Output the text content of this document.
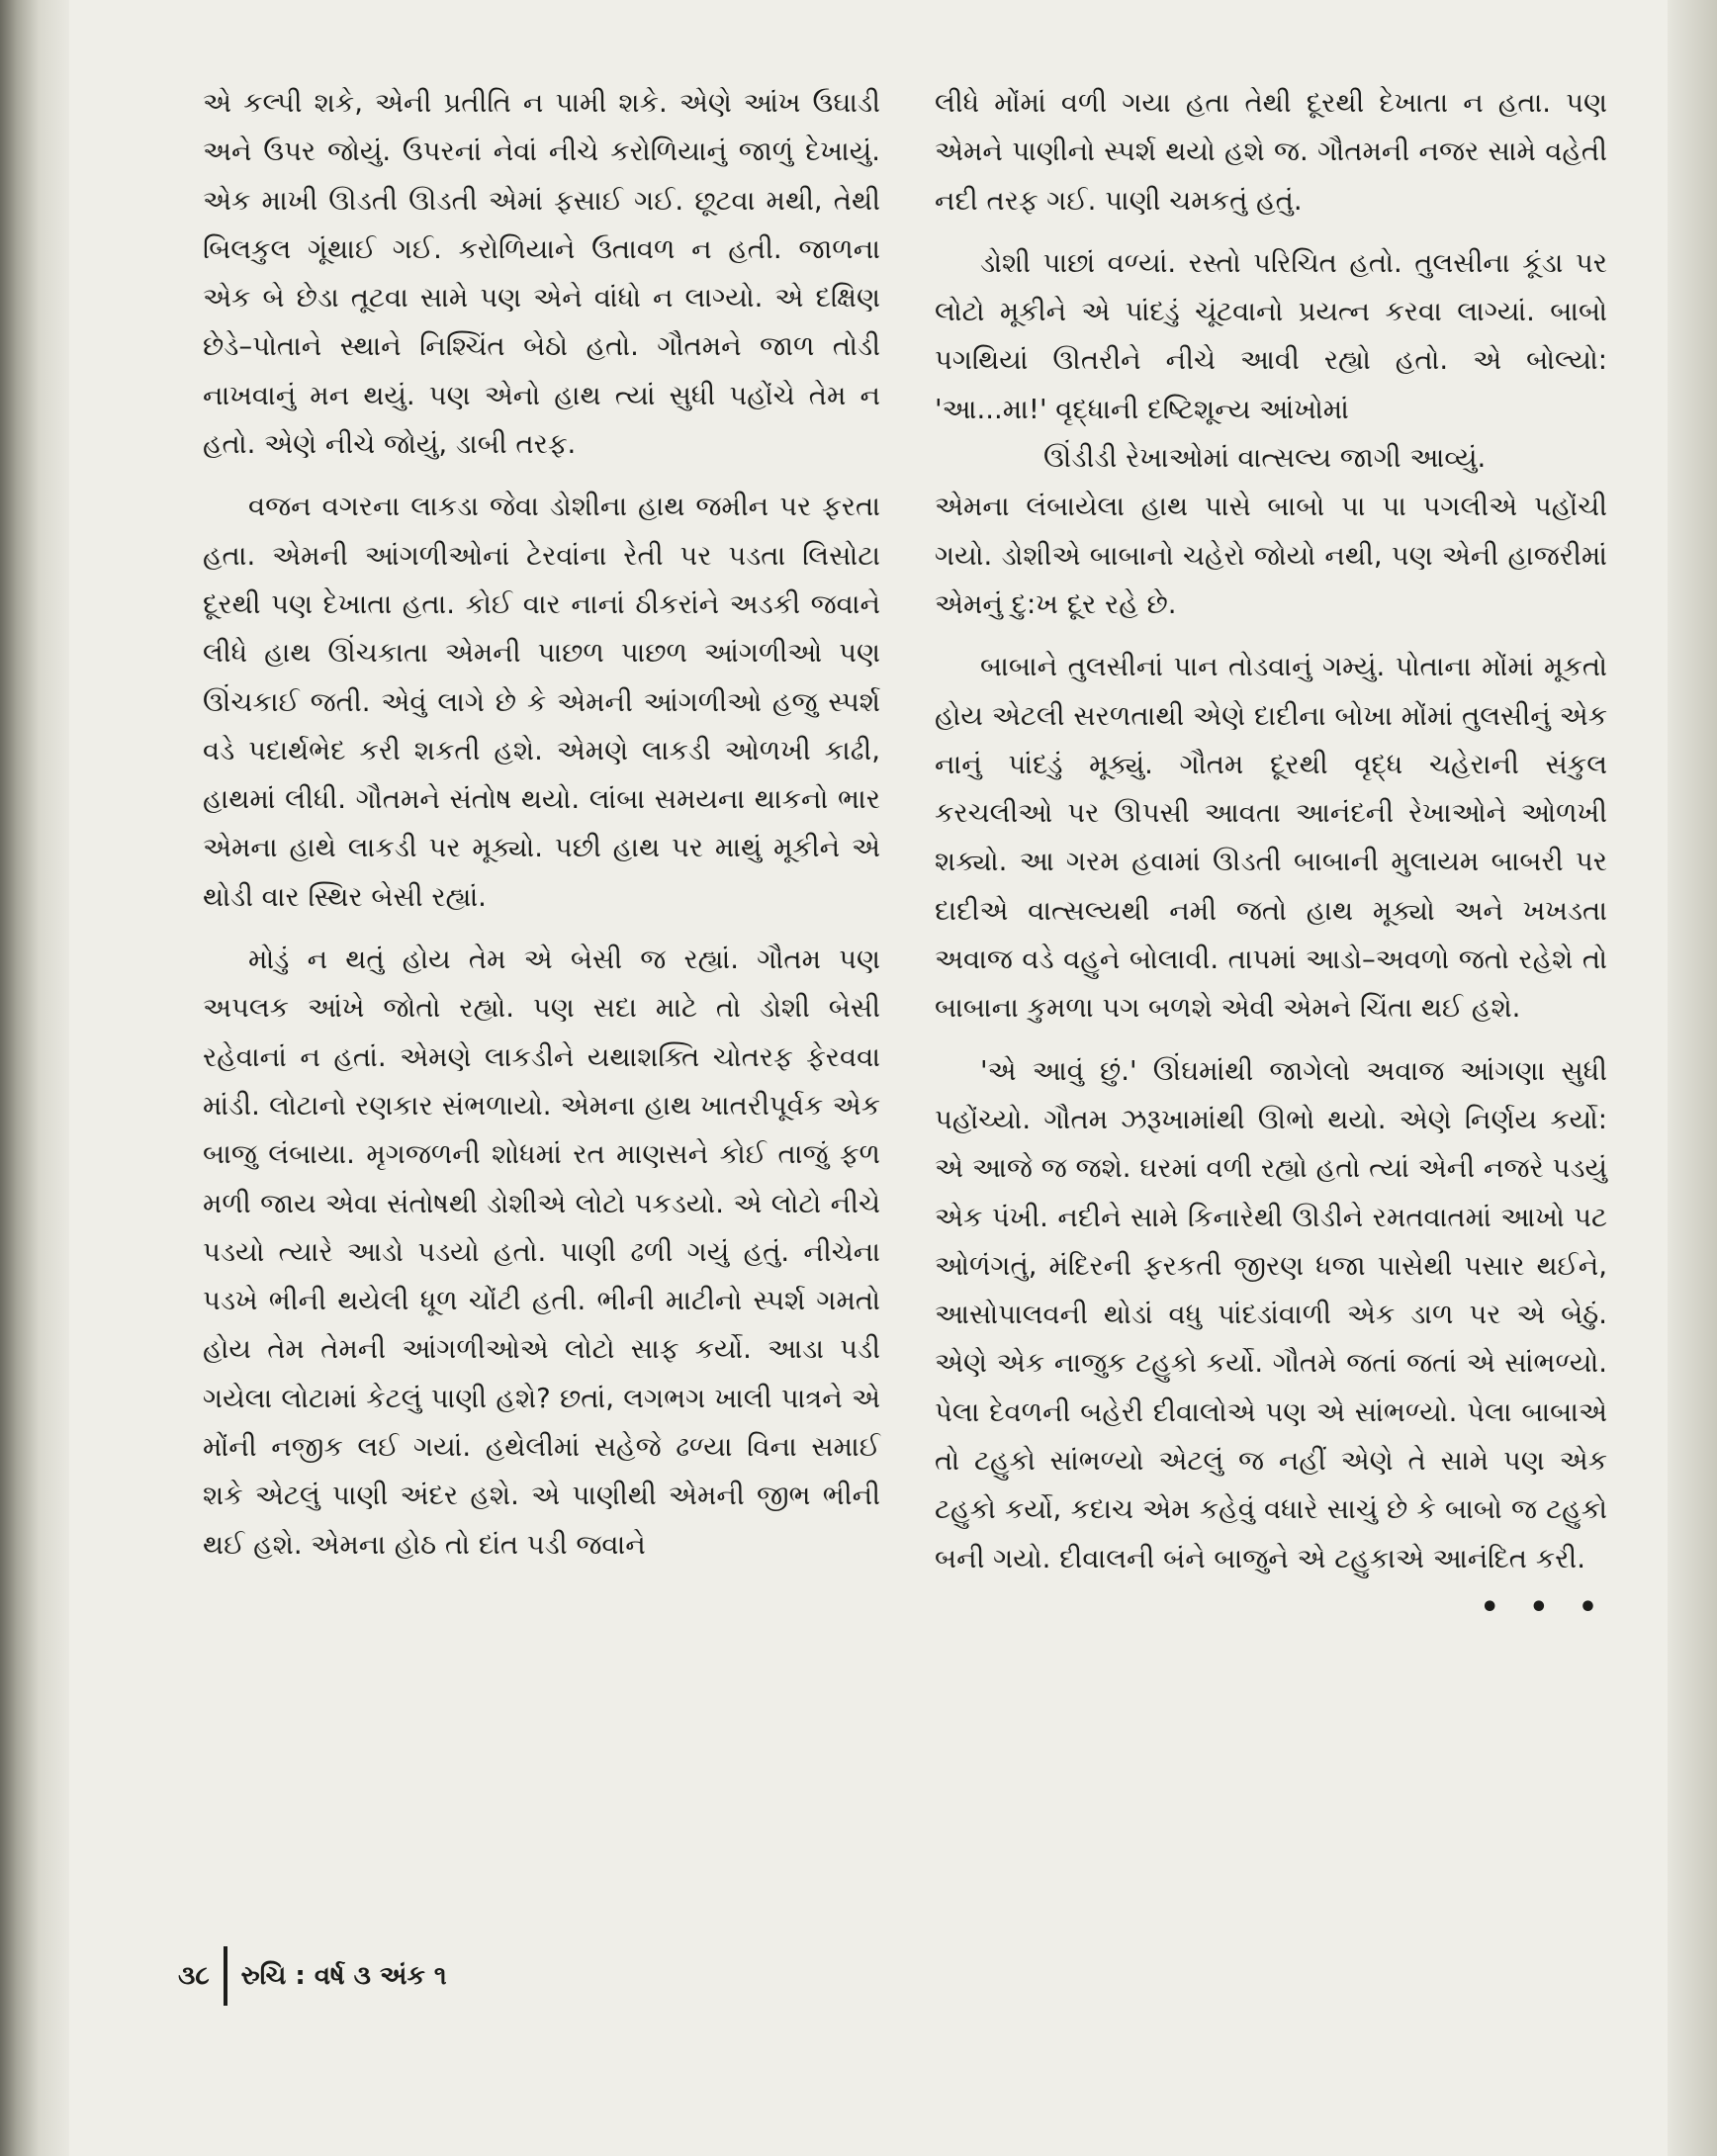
એ કલ્પી શકે, એની પ્રતીતિ ન પામી શકે. એણે આંખ ઉઘાડી અને ઉપર જોયું. ઉપરનાં નેવાં નીચે કરોળિયાનું જાળું દેખાયું. એક માખી ઊડતી ઊડતી એમાં ફસાઈ ગઈ. છૂટવા મથી, તેથી બિલકુલ ગૂંથાઈ ગઈ. કરોળિયાને ઉતાવળ ન હતી. જાળના એક બે છેડા તૂટવા સામે પણ એને વાંધો ન લાગ્યો. એ દક્ષિણ છેડે–પોતાને સ્થાને નિશ્ચિંત બેઠો હતો. ગૌતમને જાળ તોડી નાખવાનું મન થયું. પણ એનો હાથ ત્યાં સુધી પહોંચે તેમ ન હતો. એણે નીચે જોયું, ડાબી તરફ.

વજન વગરના લાકડા જેવા ડોશીના હાથ જમીન પર ફરતા હતા. એમની આંગળીઓનાં ટેરવાંના રેતી પર પડતા લિસોટા દૂરથી પણ દેખાતા હતા. કોઈ વાર નાનાં ઠીકરાંને અડકી જવાને લીધે હાથ ઊંચકાતા એમની પાછળ પાછળ આંગળીઓ પણ ઊંચકાઈ જતી. એવું લાગે છે કે એમની આંગળીઓ હજુ સ્પર્શ વડે પદાર્થભેદ કરી શકતી હશે. એમણે લાકડી ઓળખી કાઢી, હાથમાં લીધી. ગૌતમને સંતોષ થયો. લાંબા સમયના થાકનો ભાર એમના હાથે લાકડી પર મૂક્યો. પછી હાથ પર માથું મૂકીને એ થોડી વાર સ્થિર બેસી રહ્યાં.

મોડું ન થતું હોય તેમ એ બેસી જ રહ્યાં. ગૌતમ પણ અપલક આંખે જોતો રહ્યો. પણ સદા માટે તો ડોશી બેસી રહેવાનાં ન હતાં. એમણે લાકડીને યથાશક્તિ ચોતરફ ફેરવવા માંડી. લોટાનો રણકાર સંભળાયો. એમના હાથ ખાતરીપૂર્વક એક બાજુ લંબાયા. મૃગજળની શોધમાં રત માણસને કોઈ તાજું ફળ મળી જાય એવા સંતોષથી ડોશીએ લોટો પકડયો. એ લોટો નીચે પડયો ત્યારે આડો પડયો હતો. પાણી ઢળી ગયું હતું. નીચેના પડખે ભીની થયેલી ધૂળ ચોંટી હતી. ભીની માટીનો સ્પર્શ ગમતો હોય તેમ તેમની આંગળીઓએ લોટો સાફ કર્યો. આડા પડી ગયેલા લોટામાં કેટલું પાણી હશે? છતાં, લગભગ ખાલી પાત્રને એ મોંની નજીક લઈ ગયાં. હથેલીમાં સહેજે ઢળ્યા વિના સમાઈ શકે એટલું પાણી અંદર હશે. એ પાણીથી એમની જીભ ભીની થઈ હશે. એમના હોઠ તો દાંત પડી જવાને

લીધે મોંમાં વળી ગયા હતા તેથી દૂરથી દેખાતા ન હતા. પણ એમને પાણીનો સ્પર્શ થયો હશે જ. ગૌતમની નજર સામે વહેતી નદી તરફ ગઈ. પાણી ચમકતું હતું.

ડોશી પાછાં વળ્યાં. રસ્તો પરિચિત હતો. તુલસીના કૂંડા પર લોટો મૂકીને એ પાંદડું ચૂંટવાનો પ્રયત્ન કરવા લાગ્યાં. બાબો પગથિયાં ઊતરીને નીચે આવી રહ્યો હતો. એ બોલ્યો: 'આ...મા!' વૃદ્ધાની દષ્ટિશૂન્ય આંખોમાં

ઊંડીડી રેખાઓમાં વાત્સલ્ય જાગી આવ્યું.

એમના લંબાયેલા હાથ પાસે બાબો પા પા પગલીએ પહોંચી ગયો. ડોશીએ બાબાનો ચહેરો જોયો નથી, પણ એની હાજરીમાં એમનું દુ:ખ દૂર રહે છે.

બાબાને તુલસીનાં પાન તોડવાનું ગમ્યું. પોતાના મોંમાં મૂકતો હોય એટલી સરળતાથી એણે દાદીના બોખા મોંમાં તુલસીનું એક નાનું પાંદડું મૂક્યું. ગૌતમ દૂરથી વૃદ્ધ ચહેરાની સંકુલ કરચલીઓ પર ઊપસી આવતા આનંદની રેખાઓને ઓળખી શક્યો. આ ગરમ હવામાં ઊડતી બાબાની મુલાયમ બાબરી પર દાદીએ વાત્સલ્યથી નમી જતો હાથ મૂક્યો અને ખખડતા અવાજ વડે વહુને બોલાવી. તાપમાં આડો–અવળો જતો રહેશે તો બાબાના કુમળા પગ બળશે એવી એમને ચિંતા થઈ હશે.

'એ આવું છું.' ઊંઘમાંથી જાગેલો અવાજ આંગણા સુધી પહોંચ્યો. ગૌતમ ઝરૂખામાંથી ઊભો થયો. એણે નિર્ણય કર્યો: એ આજે જ જશે. ઘરમાં વળી રહ્યો હતો ત્યાં એની નજરે પડયું એક પંખી. નદીને સામે કિનારેથી ઊડીને રમતવાતમાં આખો પટ ઓળંગતું, મંદિરની ફરકતી જીરણ ધજા પાસેથી પસાર થઈને, આસોપાલવની થોડાં વધુ પાંદડાંવાળી એક ડાળ પર એ બેઠું. એણે એક નાજુક ટહુકો કર્યો. ગૌતમે જતાં જતાં એ સાંભળ્યો. પેલા દેવળની બહેરી દીવાલોએ પણ એ સાંભળ્યો. પેલા બાબાએ તો ટહુકો સાંભળ્યો એટલું જ નહીં એણે તે સામે પણ એક ટહુકો કર્યો, કદાચ એમ કહેવું વધારે સાચું છે કે બાબો જ ટહુકો બની ગયો. દીવાલની બંને બાજુને એ ટહુકાએ આનંદિત કરી.
• • •

૩૮ રુચિ : વર્ષ ૩ અંક ૧
